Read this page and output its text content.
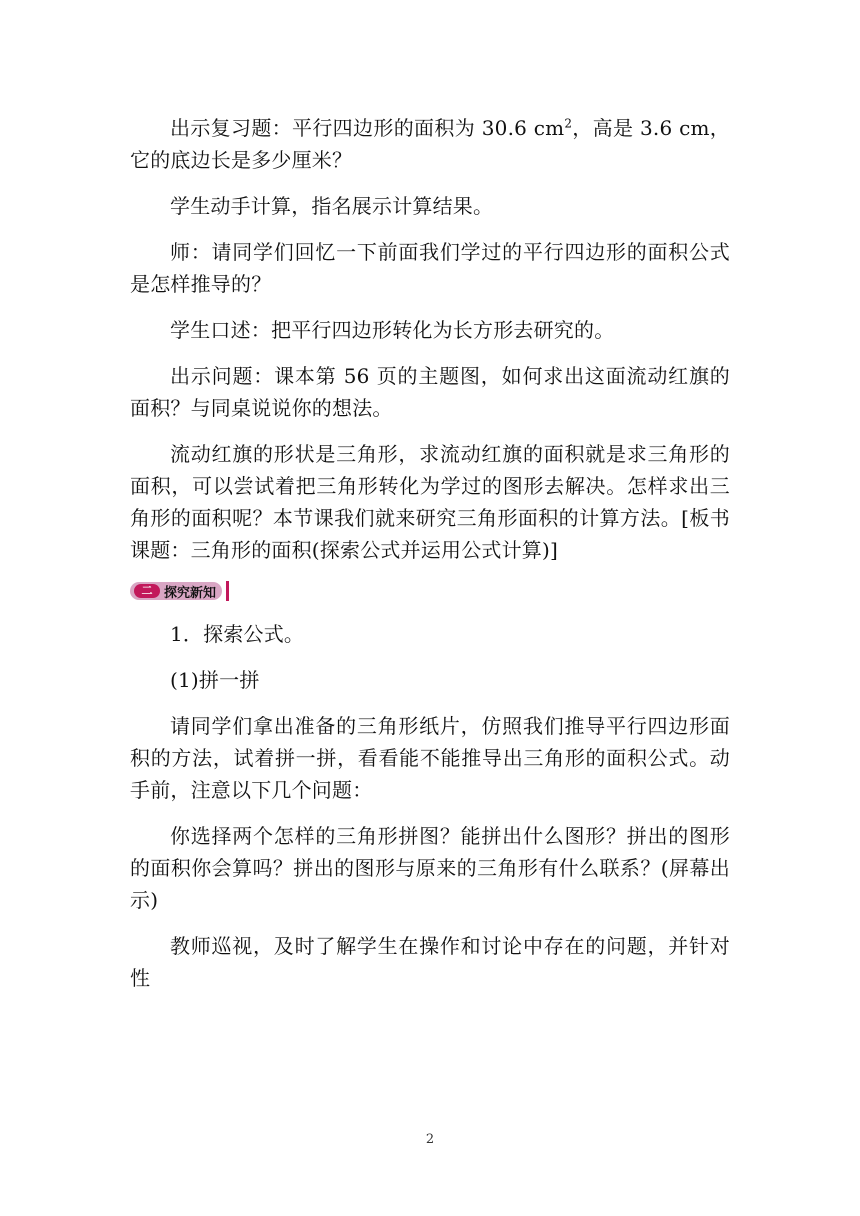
出示复习题：平行四边形的面积为 30.6 $cm^2$，高是 3.6 cm，它的底边长是多少厘米？

学生动手计算，指名展示计算结果。

师：请同学们回忆一下前面我们学过的平行四边形的面积公式是怎样推导的？

学生口述：把平行四边形转化为长方形去研究的。

出示问题：课本第 56 页的主题图，如何求出这面流动红旗的面积？与同桌说说你的想法。

流动红旗的形状是三角形，求流动红旗的面积就是求三角形的面积，可以尝试着把三角形转化为学过的图形去解决。怎样求出三角形的面积呢？本节课我们就来研究三角形面积的计算方法。[板书课题：三角形的面积(探索公式并运用公式计算)]

二 探究新知

1．探索公式。

(1)拼一拼

请同学们拿出准备的三角形纸片，仿照我们推导平行四边形面积的方法，试着拼一拼，看看能不能推导出三角形的面积公式。动手前，注意以下几个问题：

你选择两个怎样的三角形拼图？能拼出什么图形？拼出的图形的面积你会算吗？拼出的图形与原来的三角形有什么联系？(屏幕出示)

教师巡视，及时了解学生在操作和讨论中存在的问题，并针对性

2
